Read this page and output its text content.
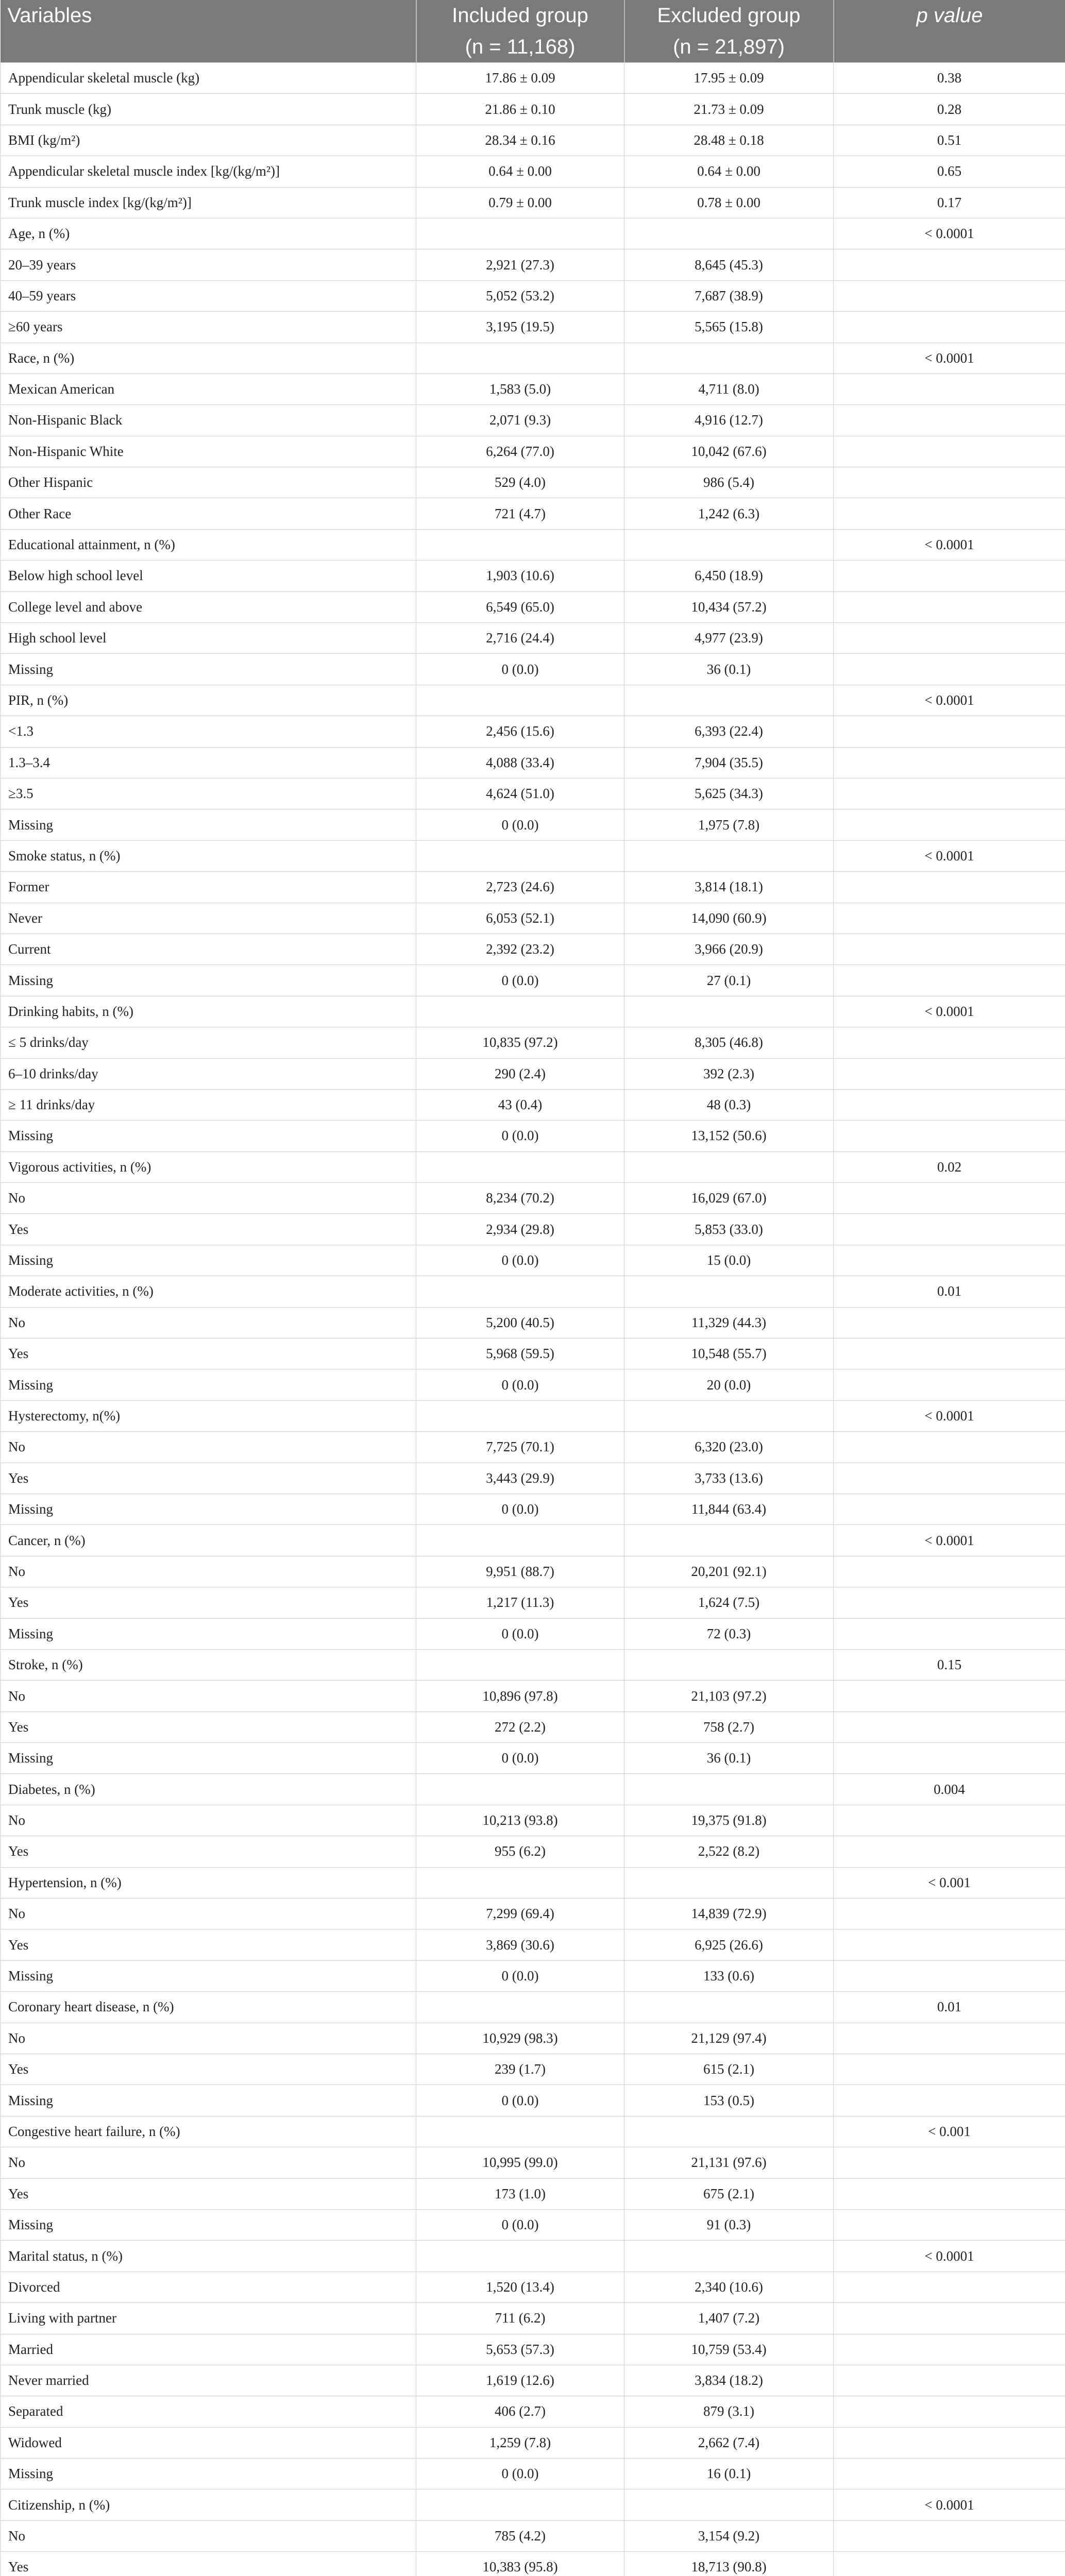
Variables	Included group	Excluded group	p value
	(n = 11,168)	(n = 21,897)	
Appendicular skeletal muscle (kg)	17.86 ± 0.09	17.95 ± 0.09	0.38
Trunk muscle (kg)	21.86 ± 0.10	21.73 ± 0.09	0.28
BMI (kg/m²)	28.34 ± 0.16	28.48 ± 0.18	0.51
Appendicular skeletal muscle index [kg/(kg/m²)]	0.64 ± 0.00	0.64 ± 0.00	0.65
Trunk muscle index [kg/(kg/m²)]	0.79 ± 0.00	0.78 ± 0.00	0.17
Age, n (%)			< 0.0001
20–39 years	2,921 (27.3)	8,645 (45.3)	
40–59 years	5,052 (53.2)	7,687 (38.9)	
≥60 years	3,195 (19.5)	5,565 (15.8)	
Race, n (%)			< 0.0001
Mexican American	1,583 (5.0)	4,711 (8.0)	
Non-Hispanic Black	2,071 (9.3)	4,916 (12.7)	
Non-Hispanic White	6,264 (77.0)	10,042 (67.6)	
Other Hispanic	529 (4.0)	986 (5.4)	
Other Race	721 (4.7)	1,242 (6.3)	
Educational attainment, n (%)			< 0.0001
Below high school level	1,903 (10.6)	6,450 (18.9)	
College level and above	6,549 (65.0)	10,434 (57.2)	
High school level	2,716 (24.4)	4,977 (23.9)	
Missing	0 (0.0)	36 (0.1)	
PIR, n (%)			< 0.0001
<1.3	2,456 (15.6)	6,393 (22.4)	
1.3–3.4	4,088 (33.4)	7,904 (35.5)	
≥3.5	4,624 (51.0)	5,625 (34.3)	
Missing	0 (0.0)	1,975 (7.8)	
Smoke status, n (%)			< 0.0001
Former	2,723 (24.6)	3,814 (18.1)	
Never	6,053 (52.1)	14,090 (60.9)	
Current	2,392 (23.2)	3,966 (20.9)	
Missing	0 (0.0)	27 (0.1)	
Drinking habits, n (%)			< 0.0001
≤ 5 drinks/day	10,835 (97.2)	8,305 (46.8)	
6–10 drinks/day	290 (2.4)	392 (2.3)	
≥ 11 drinks/day	43 (0.4)	48 (0.3)	
Missing	0 (0.0)	13,152 (50.6)	
Vigorous activities, n (%)			0.02
No	8,234 (70.2)	16,029 (67.0)	
Yes	2,934 (29.8)	5,853 (33.0)	
Missing	0 (0.0)	15 (0.0)	
Moderate activities, n (%)			0.01
No	5,200 (40.5)	11,329 (44.3)	
Yes	5,968 (59.5)	10,548 (55.7)	
Missing	0 (0.0)	20 (0.0)	
Hysterectomy, n(%)			< 0.0001
No	7,725 (70.1)	6,320 (23.0)	
Yes	3,443 (29.9)	3,733 (13.6)	
Missing	0 (0.0)	11,844 (63.4)	
Cancer, n (%)			< 0.0001
No	9,951 (88.7)	20,201 (92.1)	
Yes	1,217 (11.3)	1,624 (7.5)	
Missing	0 (0.0)	72 (0.3)	
Stroke, n (%)			0.15
No	10,896 (97.8)	21,103 (97.2)	
Yes	272 (2.2)	758 (2.7)	
Missing	0 (0.0)	36 (0.1)	
Diabetes, n (%)			0.004
No	10,213 (93.8)	19,375 (91.8)	
Yes	955 (6.2)	2,522 (8.2)	
Hypertension, n (%)			< 0.001
No	7,299 (69.4)	14,839 (72.9)	
Yes	3,869 (30.6)	6,925 (26.6)	
Missing	0 (0.0)	133 (0.6)	
Coronary heart disease, n (%)			0.01
No	10,929 (98.3)	21,129 (97.4)	
Yes	239 (1.7)	615 (2.1)	
Missing	0 (0.0)	153 (0.5)	
Congestive heart failure, n (%)			< 0.001
No	10,995 (99.0)	21,131 (97.6)	
Yes	173 (1.0)	675 (2.1)	
Missing	0 (0.0)	91 (0.3)	
Marital status, n (%)			< 0.0001
Divorced	1,520 (13.4)	2,340 (10.6)	
Living with partner	711 (6.2)	1,407 (7.2)	
Married	5,653 (57.3)	10,759 (53.4)	
Never married	1,619 (12.6)	3,834 (18.2)	
Separated	406 (2.7)	879 (3.1)	
Widowed	1,259 (7.8)	2,662 (7.4)	
Missing	0 (0.0)	16 (0.1)	
Citizenship, n (%)			< 0.0001
No	785 (4.2)	3,154 (9.2)	
Yes	10,383 (95.8)	18,713 (90.8)	
